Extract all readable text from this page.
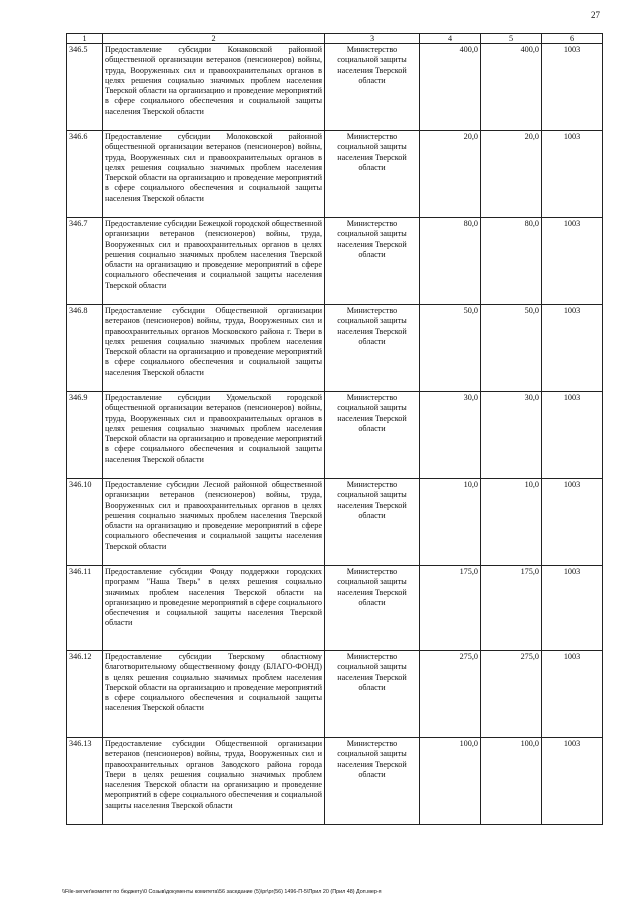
27
1	2	3	4	5	6
346.5	Предоставление субсидии Конаковской районной общественной организации ветеранов (пенсионеров) войны, труда, Вооруженных сил и правоохранительных органов в целях решения социально значимых проблем населения Тверской области на организацию и проведение мероприятий в сфере социального обеспечения и социальной защиты населения Тверской области	Министерство социальной защиты населения Тверской области	400,0	400,0	1003
346.6	Предоставление субсидии Молоковской районной общественной организации ветеранов (пенсионеров) войны, труда, Вооруженных сил и правоохранительных органов в целях решения социально значимых проблем населения Тверской области на организацию и проведение мероприятий в сфере социального обеспечения и социальной защиты населения Тверской области	Министерство социальной защиты населения Тверской области	20,0	20,0	1003
346.7	Предоставление субсидии Бежецкой городской общественной организации ветеранов (пенсионеров) войны, труда, Вооруженных сил и правоохранительных органов в целях решения социально значимых проблем населения Тверской области на организацию и проведение мероприятий в сфере социального обеспечения и социальной защиты населения Тверской области	Министерство социальной защиты населения Тверской области	80,0	80,0	1003
346.8	Предоставление субсидии Общественной организации ветеранов (пенсионеров) войны, труда, Вооруженных сил и правоохранительных органов Московского района г. Твери в целях решения социально значимых проблем населения Тверской области на организацию и проведение мероприятий в сфере социального обеспечения и социальной защиты населения Тверской области	Министерство социальной защиты населения Тверской области	50,0	50,0	1003
346.9	Предоставление субсидии Удомельской городской общественной организации ветеранов (пенсионеров) войны, труда, Вооруженных сил и правоохранительных органов в целях решения социально значимых проблем населения Тверской области на организацию и проведение мероприятий в сфере социального обеспечения и социальной защиты населения Тверской области	Министерство социальной защиты населения Тверской области	30,0	30,0	1003
346.10	Предоставление субсидии Лесной районной общественной организации ветеранов (пенсионеров) войны, труда, Вооруженных сил и правоохранительных органов в целях решения социально значимых проблем населения Тверской области на организацию и проведение мероприятий в сфере социального обеспечения и социальной защиты населения Тверской области	Министерство социальной защиты населения Тверской области	10,0	10,0	1003
346.11	Предоставление субсидии Фонду поддержки городских программ "Наша Тверь" в целях решения социально значимых проблем населения Тверской области на организацию и проведение мероприятий в сфере социального обеспечения и социальной защиты населения Тверской области	Министерство социальной защиты населения Тверской области	175,0	175,0	1003
346.12	Предоставление субсидии Тверскому областному благотворительному общественному фонду (БЛАГО-ФОНД) в целях решения социально значимых проблем населения Тверской области на организацию и проведение мероприятий в сфере социального обеспечения и социальной защиты населения Тверской области	Министерство социальной защиты населения Тверской области	275,0	275,0	1003
346.13	Предоставление субсидии Общественной организации ветеранов (пенсионеров) войны, труда, Вооруженных сил и правоохранительных органов Заводского района города Твери в целях решения социально значимых проблем населения Тверской области на организацию и проведение мероприятий в сфере социального обеспечения и социальной защиты населения Тверской области	Министерство социальной защиты населения Тверской области	100,0	100,0	1003
\\File-server\комитет по бюджету\0 Созыв\документы комитета\56 заседание (5)\pr\pr(56) 1496-П-5\Прил 20 (Прил 48) Доп.мер-я
